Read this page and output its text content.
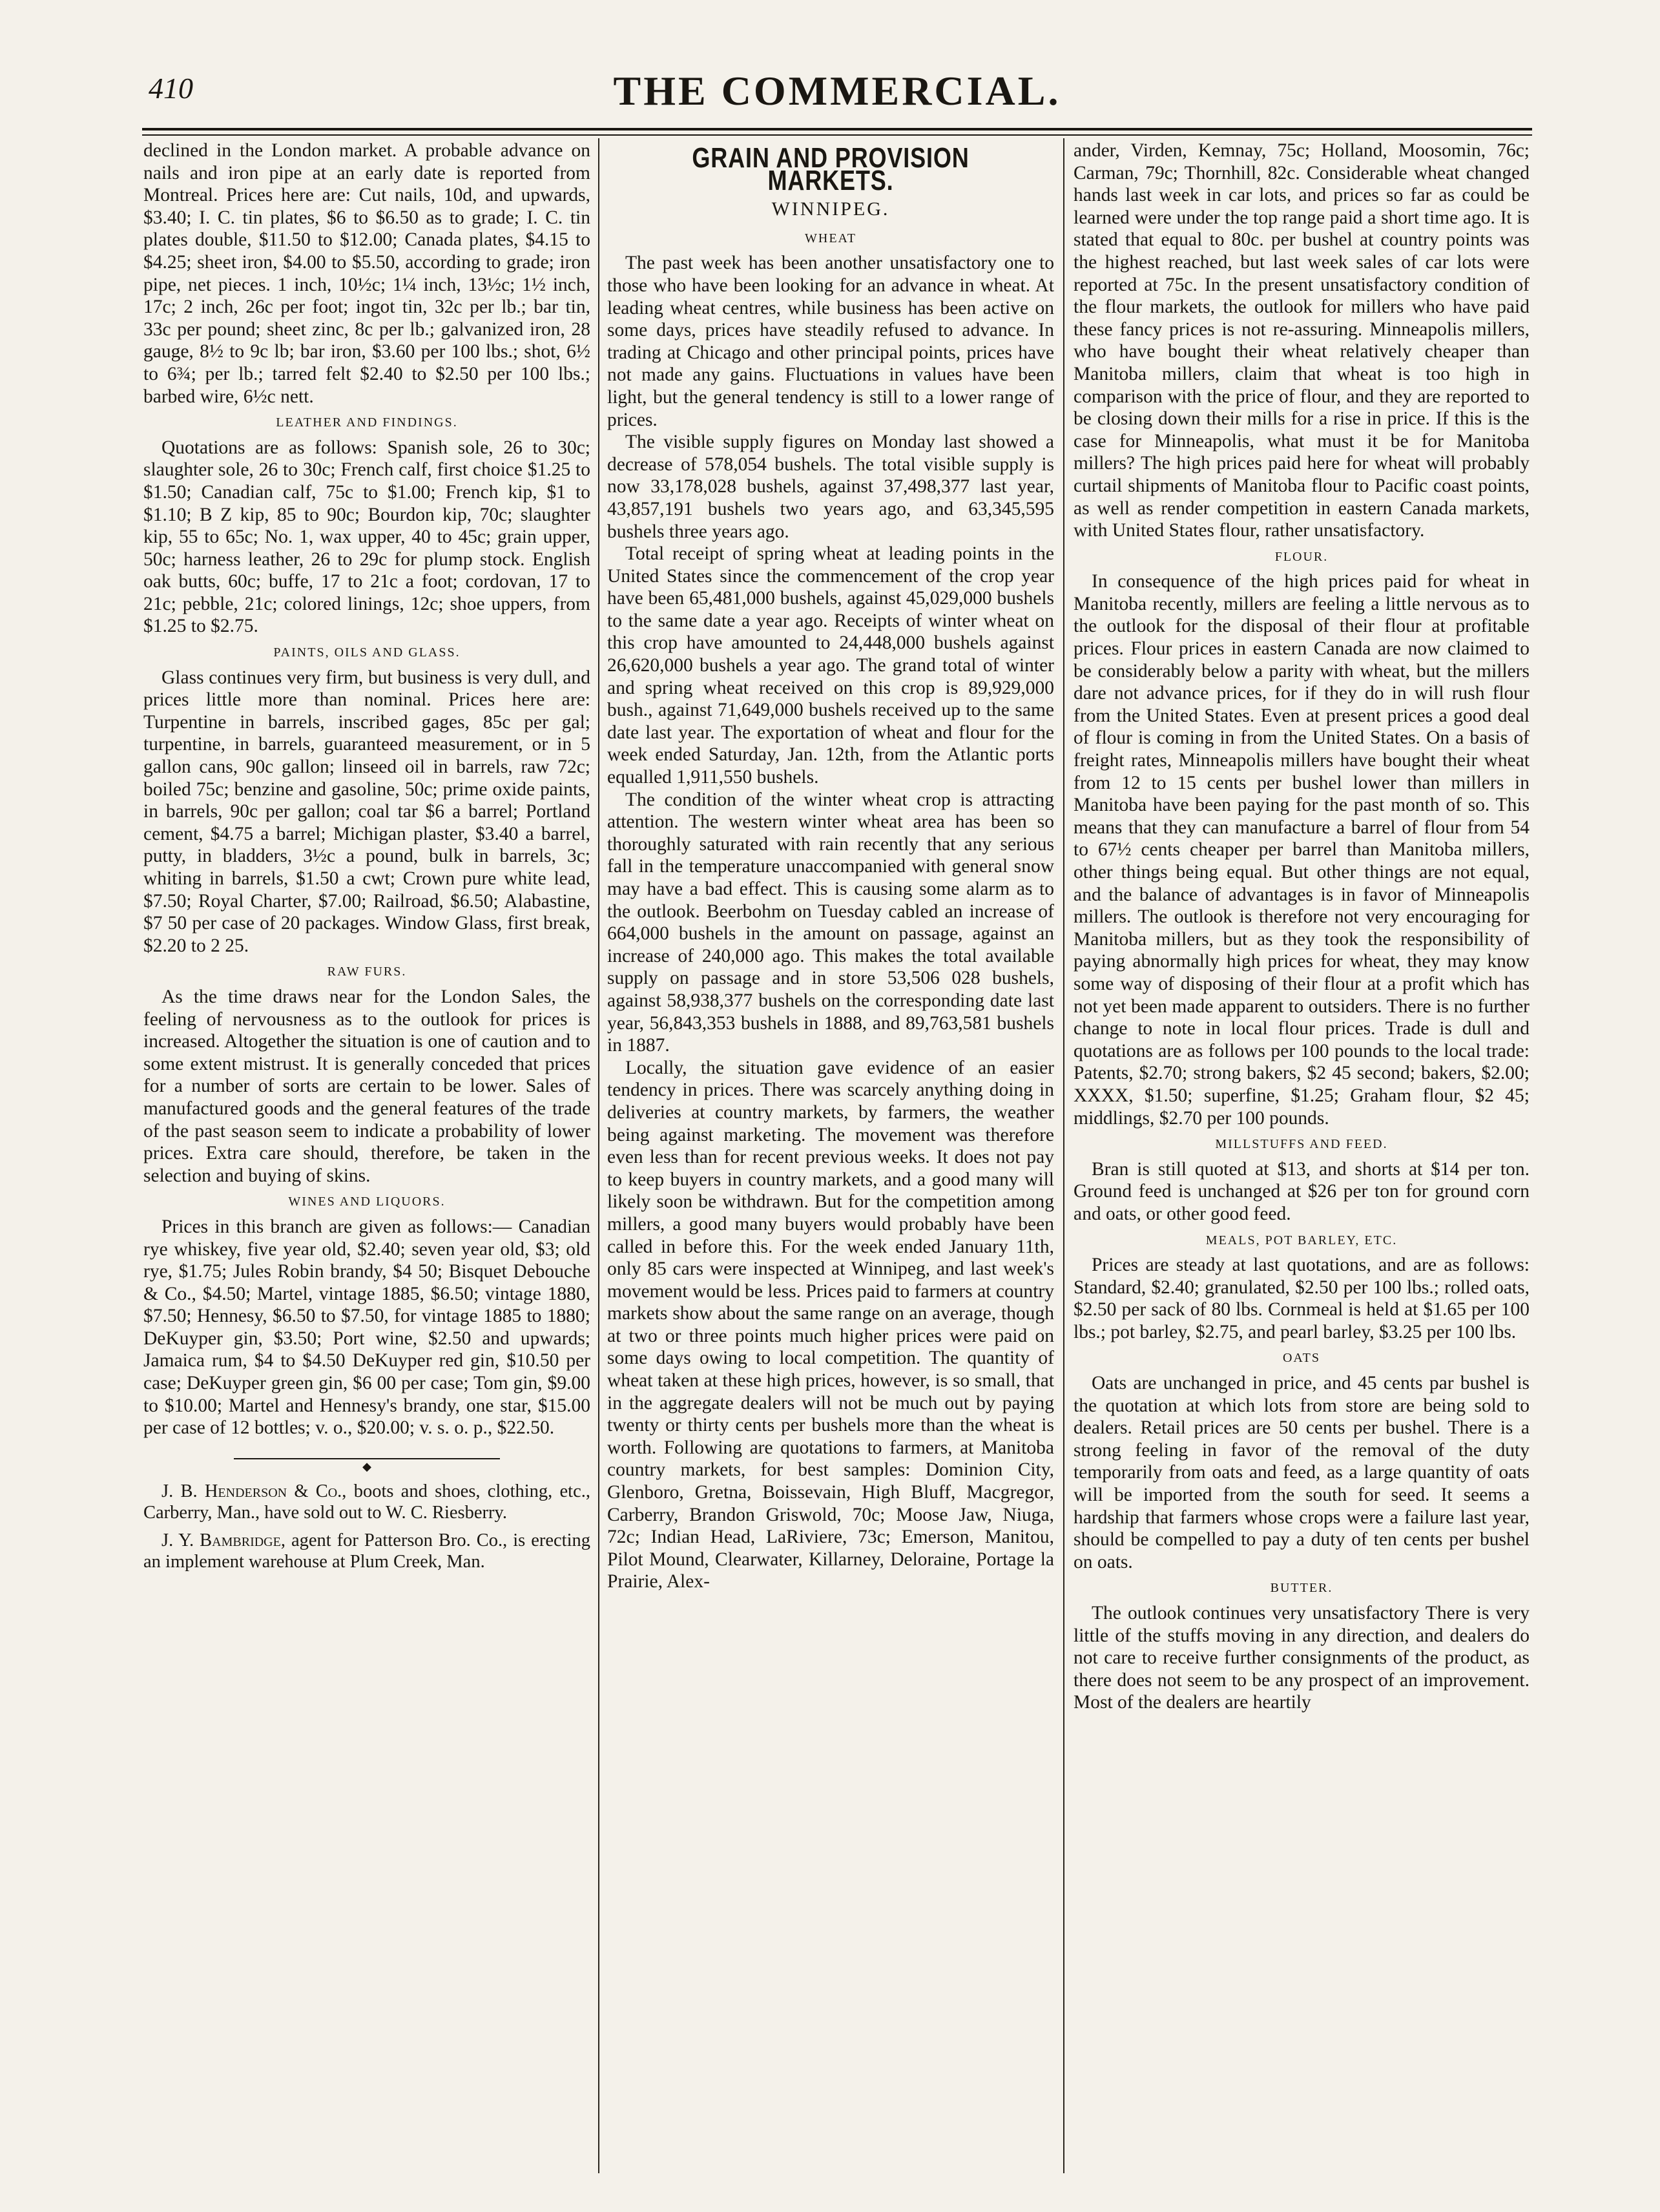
410	THE COMMERCIAL.

declined in the London market. A probable advance on nails and iron pipe at an early date is reported from Montreal. Prices here are: Cut nails, 10d, and upwards, $3.40; I. C. tin plates, $6 to $6.50 as to grade; I. C. tin plates double, $11.50 to $12.00; Canada plates, $4.15 to $4.25; sheet iron, $4.00 to $5.50, according to grade; iron pipe, net pieces. 1 inch, 10½c; 1¼ inch, 13½c; 1½ inch, 17c; 2 inch, 26c per foot; ingot tin, 32c per lb.; bar tin, 33c per pound; sheet zinc, 8c per lb.; galvanized iron, 28 gauge, 8½ to 9c lb; bar iron, $3.60 per 100 lbs.; shot, 6½ to 6¾; per lb.; tarred felt $2.40 to $2.50 per 100 lbs.; barbed wire, 6½c nett.

LEATHER AND FINDINGS.

Quotations are as follows: Spanish sole, 26 to 30c; slaughter sole, 26 to 30c; French calf, first choice $1.25 to $1.50; Canadian calf, 75c to $1.00; French kip, $1 to $1.10; B Z kip, 85 to 90c; Bourdon kip, 70c; slaughter kip, 55 to 65c; No. 1, wax upper, 40 to 45c; grain upper, 50c; harness leather, 26 to 29c for plump stock. English oak butts, 60c; buffe, 17 to 21c a foot; cordovan, 17 to 21c; pebble, 21c; colored linings, 12c; shoe uppers, from $1.25 to $2.75.

PAINTS, OILS AND GLASS.

Glass continues very firm, but business is very dull, and prices little more than nominal. Prices here are: Turpentine in barrels, inscribed gages, 85c per gal; turpentine, in barrels, guaranteed measurement, or in 5 gallon cans, 90c gallon; linseed oil in barrels, raw 72c; boiled 75c; benzine and gasoline, 50c; prime oxide paints, in barrels, 90c per gallon; coal tar $6 a barrel; Portland cement, $4.75 a barrel; Michigan plaster, $3.40 a barrel, putty, in bladders, 3½c a pound, bulk in barrels, 3c; whiting in barrels, $1.50 a cwt; Crown pure white lead, $7.50; Royal Charter, $7.00; Railroad, $6.50; Alabastine, $7 50 per case of 20 packages. Window Glass, first break, $2.20 to 2 25.

RAW FURS.

As the time draws near for the London Sales, the feeling of nervousness as to the outlook for prices is increased. Altogether the situation is one of caution and to some extent mistrust. It is generally conceded that prices for a number of sorts are certain to be lower. Sales of manufactured goods and the general features of the trade of the past season seem to indicate a probability of lower prices. Extra care should, therefore, be taken in the selection and buying of skins.

WINES AND LIQUORS.

Prices in this branch are given as follows:— Canadian rye whiskey, five year old, $2.40; seven year old, $3; old rye, $1.75; Jules Robin brandy, $4 50; Bisquet Debouche & Co., $4.50; Martel, vintage 1885, $6.50; vintage 1880, $7.50; Hennesy, $6.50 to $7.50, for vintage 1885 to 1880; DeKuyper gin, $3.50; Port wine, $2.50 and upwards; Jamaica rum, $4 to $4.50 DeKuyper red gin, $10.50 per case; DeKuyper green gin, $6 00 per case; Tom gin, $9.00 to $10.00; Martel and Hennesy's brandy, one star, $15.00 per case of 12 bottles; v. o., $20.00; v. s. o. p., $22.50.

◆

J. B. Henderson & Co., boots and shoes, clothing, etc., Carberry, Man., have sold out to W. C. Riesberry.

J. Y. Bambridge, agent for Patterson Bro. Co., is erecting an implement warehouse at Plum Creek, Man.

GRAIN AND PROVISION MARKETS.
WINNIPEG.
WHEAT

The past week has been another unsatisfactory one to those who have been looking for an advance in wheat. At leading wheat centres, while business has been active on some days, prices have steadily refused to advance. In trading at Chicago and other principal points, prices have not made any gains. Fluctuations in values have been light, but the general tendency is still to a lower range of prices.

The visible supply figures on Monday last showed a decrease of 578,054 bushels. The total visible supply is now 33,178,028 bushels, against 37,498,377 last year, 43,857,191 bushels two years ago, and 63,345,595 bushels three years ago.

Total receipt of spring wheat at leading points in the United States since the commencement of the crop year have been 65,481,000 bushels, against 45,029,000 bushels to the same date a year ago. Receipts of winter wheat on this crop have amounted to 24,448,000 bushels against 26,620,000 bushels a year ago. The grand total of winter and spring wheat received on this crop is 89,929,000 bush., against 71,649,000 bushels received up to the same date last year. The exportation of wheat and flour for the week ended Saturday, Jan. 12th, from the Atlantic ports equalled 1,911,550 bushels.

The condition of the winter wheat crop is attracting attention. The western winter wheat area has been so thoroughly saturated with rain recently that any serious fall in the temperature unaccompanied with general snow may have a bad effect. This is causing some alarm as to the outlook. Beerbohm on Tuesday cabled an increase of 664,000 bushels in the amount on passage, against an increase of 240,000 ago. This makes the total available supply on passage and in store 53,506 028 bushels, against 58,938,377 bushels on the corresponding date last year, 56,843,353 bushels in 1888, and 89,763,581 bushels in 1887.

Locally, the situation gave evidence of an easier tendency in prices. There was scarcely anything doing in deliveries at country markets, by farmers, the weather being against marketing. The movement was therefore even less than for recent previous weeks. It does not pay to keep buyers in country markets, and a good many will likely soon be withdrawn. But for the competition among millers, a good many buyers would probably have been called in before this. For the week ended January 11th, only 85 cars were inspected at Winnipeg, and last week's movement would be less. Prices paid to farmers at country markets show about the same range on an average, though at two or three points much higher prices were paid on some days owing to local competition. The quantity of wheat taken at these high prices, however, is so small, that in the aggregate dealers will not be much out by paying twenty or thirty cents per bushels more than the wheat is worth. Following are quotations to farmers, at Manitoba country markets, for best samples: Dominion City, Glenboro, Gretna, Boissevain, High Bluff, Macgregor, Carberry, Brandon Griswold, 70c; Moose Jaw, Niuga, 72c; Indian Head, LaRiviere, 73c; Emerson, Manitou, Pilot Mound, Clearwater, Killarney, Deloraine, Portage la Prairie, Alex-

ander, Virden, Kemnay, 75c; Holland, Moosomin, 76c; Carman, 79c; Thornhill, 82c. Considerable wheat changed hands last week in car lots, and prices so far as could be learned were under the top range paid a short time ago. It is stated that equal to 80c. per bushel at country points was the highest reached, but last week sales of car lots were reported at 75c. In the present unsatisfactory condition of the flour markets, the outlook for millers who have paid these fancy prices is not re-assuring. Minneapolis millers, who have bought their wheat relatively cheaper than Manitoba millers, claim that wheat is too high in comparison with the price of flour, and they are reported to be closing down their mills for a rise in price. If this is the case for Minneapolis, what must it be for Manitoba millers? The high prices paid here for wheat will probably curtail shipments of Manitoba flour to Pacific coast points, as well as render competition in eastern Canada markets, with United States flour, rather unsatisfactory.

FLOUR.

In consequence of the high prices paid for wheat in Manitoba recently, millers are feeling a little nervous as to the outlook for the disposal of their flour at profitable prices. Flour prices in eastern Canada are now claimed to be considerably below a parity with wheat, but the millers dare not advance prices, for if they do in will rush flour from the United States. Even at present prices a good deal of flour is coming in from the United States. On a basis of freight rates, Minneapolis millers have bought their wheat from 12 to 15 cents per bushel lower than millers in Manitoba have been paying for the past month of so. This means that they can manufacture a barrel of flour from 54 to 67½ cents cheaper per barrel than Manitoba millers, other things being equal. But other things are not equal, and the balance of advantages is in favor of Minneapolis millers. The outlook is therefore not very encouraging for Manitoba millers, but as they took the responsibility of paying abnormally high prices for wheat, they may know some way of disposing of their flour at a profit which has not yet been made apparent to outsiders. There is no further change to note in local flour prices. Trade is dull and quotations are as follows per 100 pounds to the local trade: Patents, $2.70; strong bakers, $2 45 second; bakers, $2.00; XXXX, $1.50; superfine, $1.25; Graham flour, $2 45; middlings, $2.70 per 100 pounds.

MILLSTUFFS AND FEED.

Bran is still quoted at $13, and shorts at $14 per ton. Ground feed is unchanged at $26 per ton for ground corn and oats, or other good feed.

MEALS, POT BARLEY, ETC.

Prices are steady at last quotations, and are as follows: Standard, $2.40; granulated, $2.50 per 100 lbs.; rolled oats, $2.50 per sack of 80 lbs. Cornmeal is held at $1.65 per 100 lbs.; pot barley, $2.75, and pearl barley, $3.25 per 100 lbs.

OATS

Oats are unchanged in price, and 45 cents par bushel is the quotation at which lots from store are being sold to dealers. Retail prices are 50 cents per bushel. There is a strong feeling in favor of the removal of the duty temporarily from oats and feed, as a large quantity of oats will be imported from the south for seed. It seems a hardship that farmers whose crops were a failure last year, should be compelled to pay a duty of ten cents per bushel on oats.

BUTTER.

The outlook continues very unsatisfactory There is very little of the stuffs moving in any direction, and dealers do not care to receive further consignments of the product, as there does not seem to be any prospect of an improvement. Most of the dealers are heartily
